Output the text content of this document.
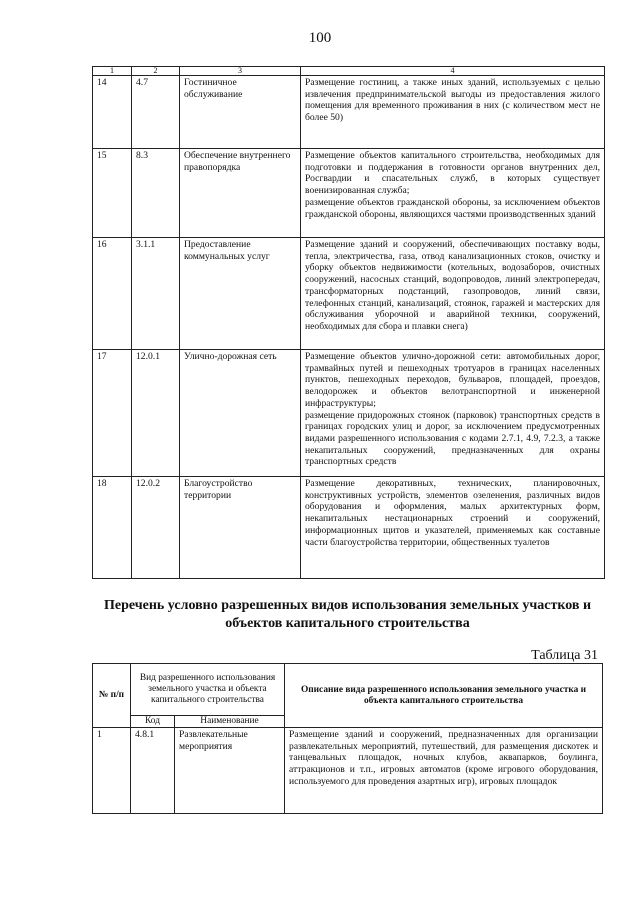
100
1	2	3	4
14	4.7	Гостиничное обслуживание	Размещение гостиниц, а также иных зданий, используемых с целью извлечения предпринимательской выгоды из предоставления жилого помещения для временного проживания в них (с количеством мест не более 50)

15	8.3	Обеспечение внутреннего правопорядка	Размещение объектов капитального строительства, необходимых для подготовки и поддержания в готовности органов внутренних дел, Росгвардии и спасательных служб, в которых существует военизированная служба;

размещение объектов гражданской обороны, за исключением объектов гражданской обороны, являющихся частями производственных зданий

16	3.1.1	Предоставление коммунальных услуг	Размещение зданий и сооружений, обеспечивающих поставку воды, тепла, электричества, газа, отвод канализационных стоков, очистку и уборку объектов недвижимости (котельных, водозаборов, очистных сооружений, насосных станций, водопроводов, линий электропередач, трансформаторных подстанций, газопроводов, линий связи, телефонных станций, канализаций, стоянок, гаражей и мастерских для обслуживания уборочной и аварийной техники, сооружений, необходимых для сбора и плавки снега)

17	12.0.1	Улично-дорожная сеть	Размещение объектов улично-дорожной сети: автомобильных дорог, трамвайных путей и пешеходных тротуаров в границах населенных пунктов, пешеходных переходов, бульваров, площадей, проездов, велодорожек и объектов велотранспортной и инженерной инфраструктуры;

размещение придорожных стоянок (парковок) транспортных средств в границах городских улиц и дорог, за исключением предусмотренных видами разрешенного использования с кодами 2.7.1, 4.9, 7.2.3, а также некапитальных сооружений, предназначенных для охраны транспортных средств

18	12.0.2	Благоустройство территории	Размещение декоративных, технических, планировочных, конструктивных устройств, элементов озеленения, различных видов оборудования и оформления, малых архитектурных форм, некапитальных нестационарных строений и сооружений, информационных щитов и указателей, применяемых как составные части благоустройства территории, общественных туалетов

Перечень условно разрешенных видов использования земельных участков и объектов капитального строительства
Таблица 31
№ п/п	Вид разрешенного использования земельного участка и объекта капитального строительства		Описание вида разрешенного использования земельного участка и объекта капитального строительства
	Код	Наименование	
1	4.8.1	Развлекательные мероприятия	Размещение зданий и сооружений, предназначенных для организации развлекательных мероприятий, путешествий, для размещения дискотек и танцевальных площадок, ночных клубов, аквапарков, боулинга, аттракционов и т.п., игровых автоматов (кроме игрового оборудования, используемого для проведения азартных игр), игровых площадок
